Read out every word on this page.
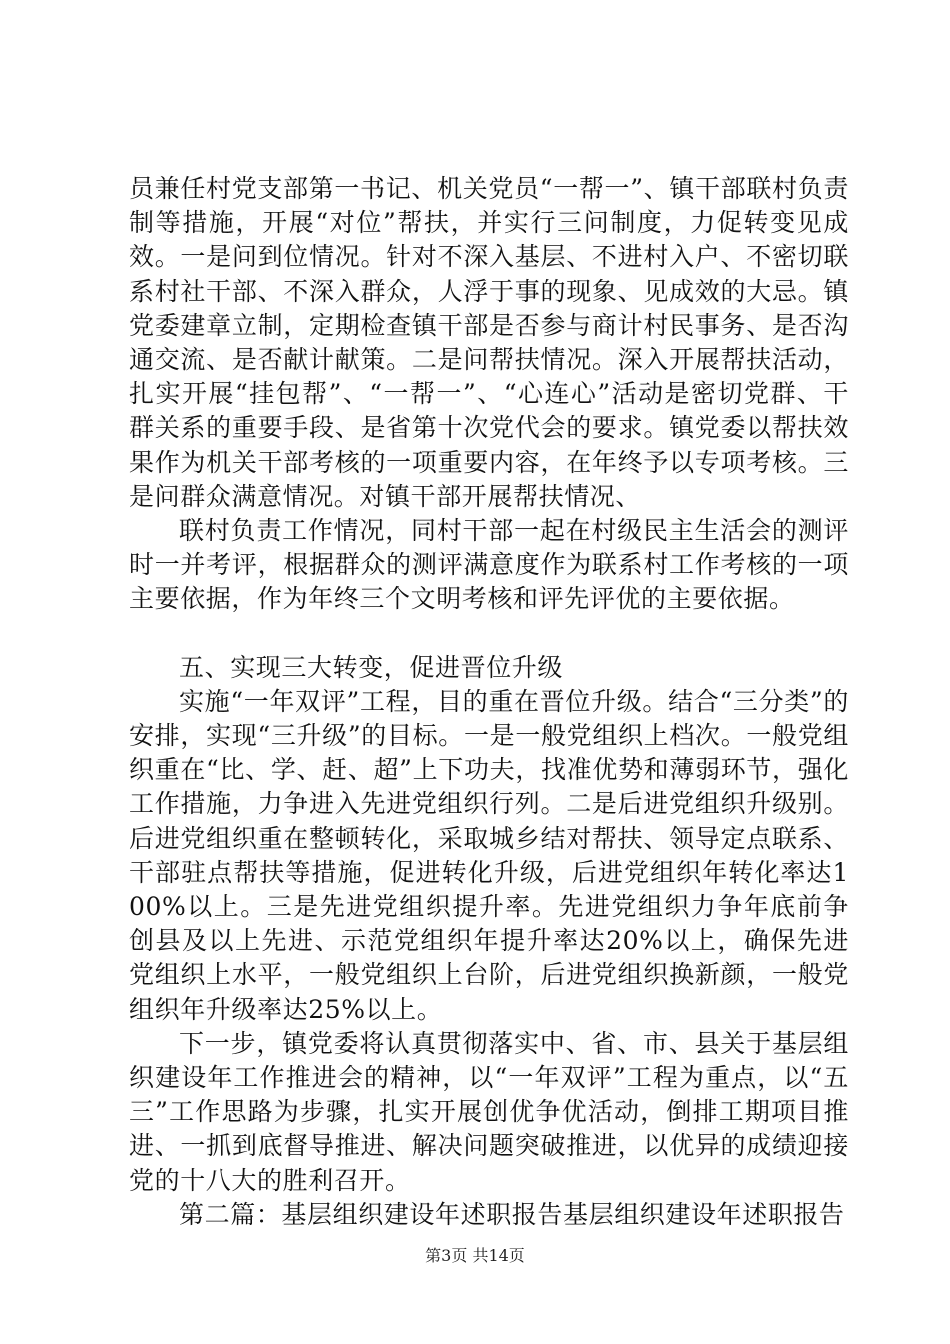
员兼任村党支部第一书记、机关党员“一帮一”、镇干部联村负责制等措施，开展“对位”帮扶，并实行三问制度，力促转变见成效。一是问到位情况。针对不深入基层、不进村入户、不密切联系村社干部、不深入群众，人浮于事的现象、见成效的大忌。镇党委建章立制，定期检查镇干部是否参与商计村民事务、是否沟通交流、是否献计献策。二是问帮扶情况。深入开展帮扶活动，扎实开展“挂包帮”、“一帮一”、“心连心”活动是密切党群、干群关系的重要手段、是省第十次党代会的要求。镇党委以帮扶效果作为机关干部考核的一项重要内容，在年终予以专项考核。三是问群众满意情况。对镇干部开展帮扶情况、

联村负责工作情况，同村干部一起在村级民主生活会的测评时一并考评，根据群众的测评满意度作为联系村工作考核的一项主要依据，作为年终三个文明考核和评先评优的主要依据。

五、实现三大转变，促进晋位升级

实施“一年双评”工程，目的重在晋位升级。结合“三分类”的安排，实现“三升级”的目标。一是一般党组织上档次。一般党组织重在“比、学、赶、超”上下功夫，找准优势和薄弱环节，强化工作措施，力争进入先进党组织行列。二是后进党组织升级别。后进党组织重在整顿转化，采取城乡结对帮扶、领导定点联系、干部驻点帮扶等措施，促进转化升级，后进党组织年转化率达100%以上。三是先进党组织提升率。先进党组织力争年底前争创县及以上先进、示范党组织年提升率达20%以上，确保先进党组织上水平，一般党组织上台阶，后进党组织换新颜，一般党组织年升级率达25%以上。

下一步，镇党委将认真贯彻落实中、省、市、县关于基层组织建设年工作推进会的精神，以“一年双评”工程为重点，以“五三”工作思路为步骤，扎实开展创优争优活动，倒排工期项目推进、一抓到底督导推进、解决问题突破推进，以优异的成绩迎接党的十八大的胜利召开。

第二篇：基层组织建设年述职报告基层组织建设年述职报告

第3页 共14页
